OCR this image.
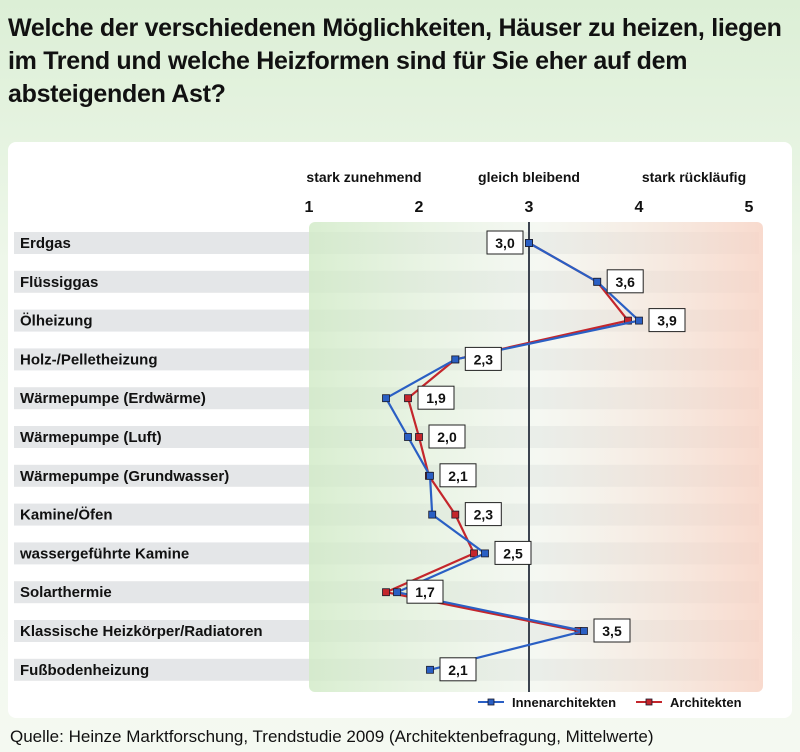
Welche der verschiedenen Möglichkeiten, Häuser zu heizen, liegen im Trend und welche Heizformen sind für Sie eher auf dem absteigenden Ast?
stark zunehmend	gleich bleibend	stark rückläufig
1	2	3	4	5
Erdgas
Flüssiggas
Ölheizung
Holz-/Pelletheizung
Wärmepumpe (Erdwärme)
Wärmepumpe (Luft)
Wärmepumpe (Grundwasser)
Kamine/Öfen
wassergeführte Kamine
Solarthermie
Klassische Heizkörper/Radiatoren
Fußbodenheizung
3,0
3,6
3,9
2,3
1,9
2,0
2,1
2,3
2,5
1,7
3,5
2,1
Innenarchitekten	Architekten
Quelle: Heinze Marktforschung, Trendstudie 2009 (Architektenbefragung, Mittelwerte)
